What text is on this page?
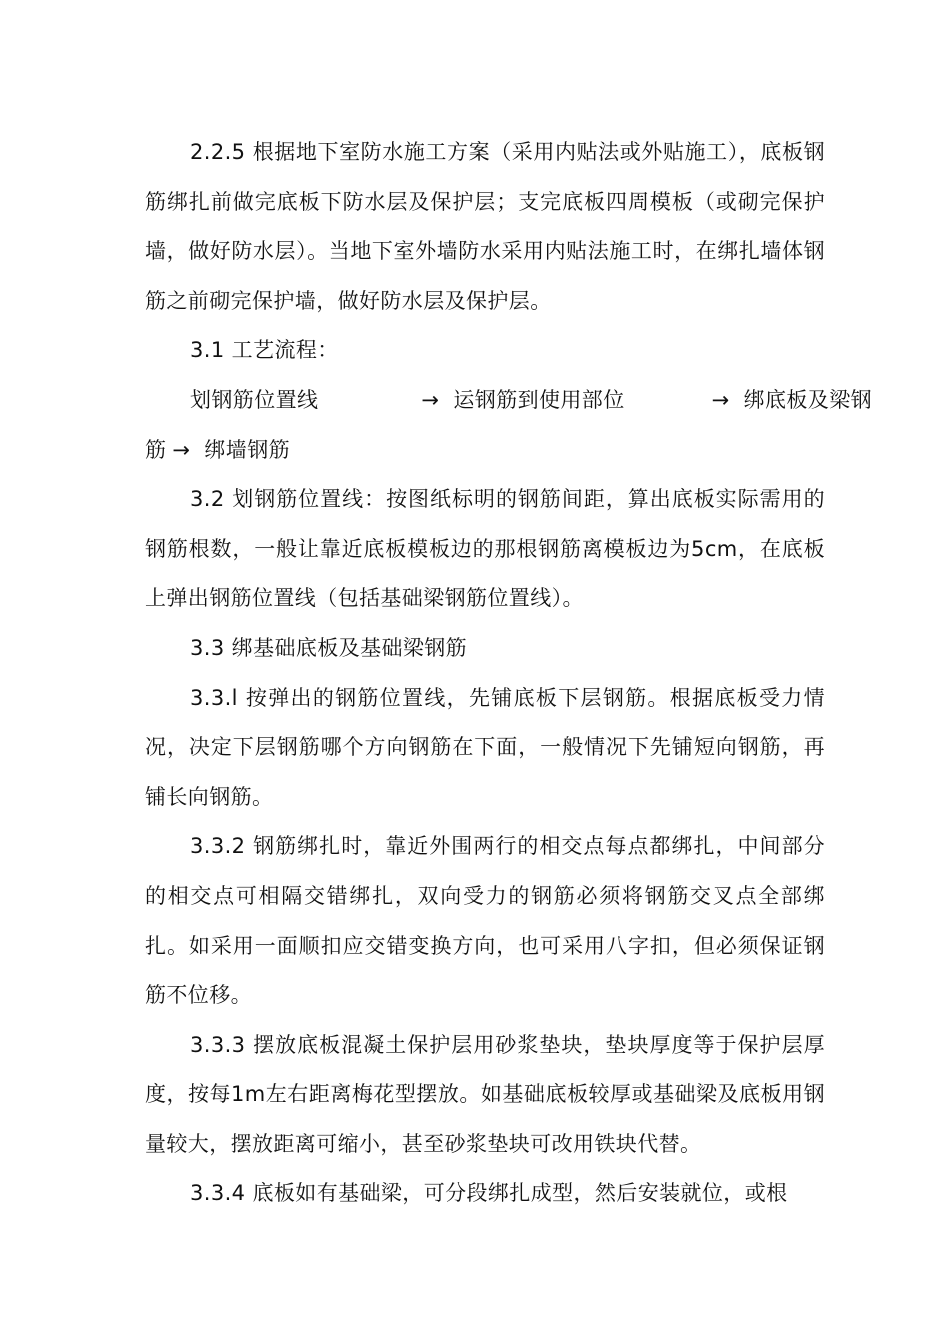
2.2.5 根据地下室防水施工方案（采用内贴法或外贴施工），底板钢筋绑扎前做完底板下防水层及保护层；支完底板四周模板（或砌完保护墙，做好防水层）。当地下室外墙防水采用内贴法施工时，在绑扎墙体钢筋之前砌完保护墙，做好防水层及保护层。

3.1 工艺流程：

划钢筋位置线	→ 运钢筋到使用部位	→ 绑底板及梁钢

筋 → 绑墙钢筋

3.2 划钢筋位置线：按图纸标明的钢筋间距，算出底板实际需用的钢筋根数，一般让靠近底板模板边的那根钢筋离模板边为5cm，在底板上弹出钢筋位置线（包括基础梁钢筋位置线）。

3.3 绑基础底板及基础梁钢筋

3.3.l 按弹出的钢筋位置线，先铺底板下层钢筋。根据底板受力情况，决定下层钢筋哪个方向钢筋在下面，一般情况下先铺短向钢筋，再铺长向钢筋。

3.3.2 钢筋绑扎时，靠近外围两行的相交点每点都绑扎，中间部分的相交点可相隔交错绑扎，双向受力的钢筋必须将钢筋交叉点全部绑扎。如采用一面顺扣应交错变换方向，也可采用八字扣，但必须保证钢筋不位移。

3.3.3 摆放底板混凝土保护层用砂浆垫块，垫块厚度等于保护层厚度，按每1m左右距离梅花型摆放。如基础底板较厚或基础梁及底板用钢量较大，摆放距离可缩小，甚至砂浆垫块可改用铁块代替。

3.3.4 底板如有基础梁，可分段绑扎成型，然后安装就位，或根
